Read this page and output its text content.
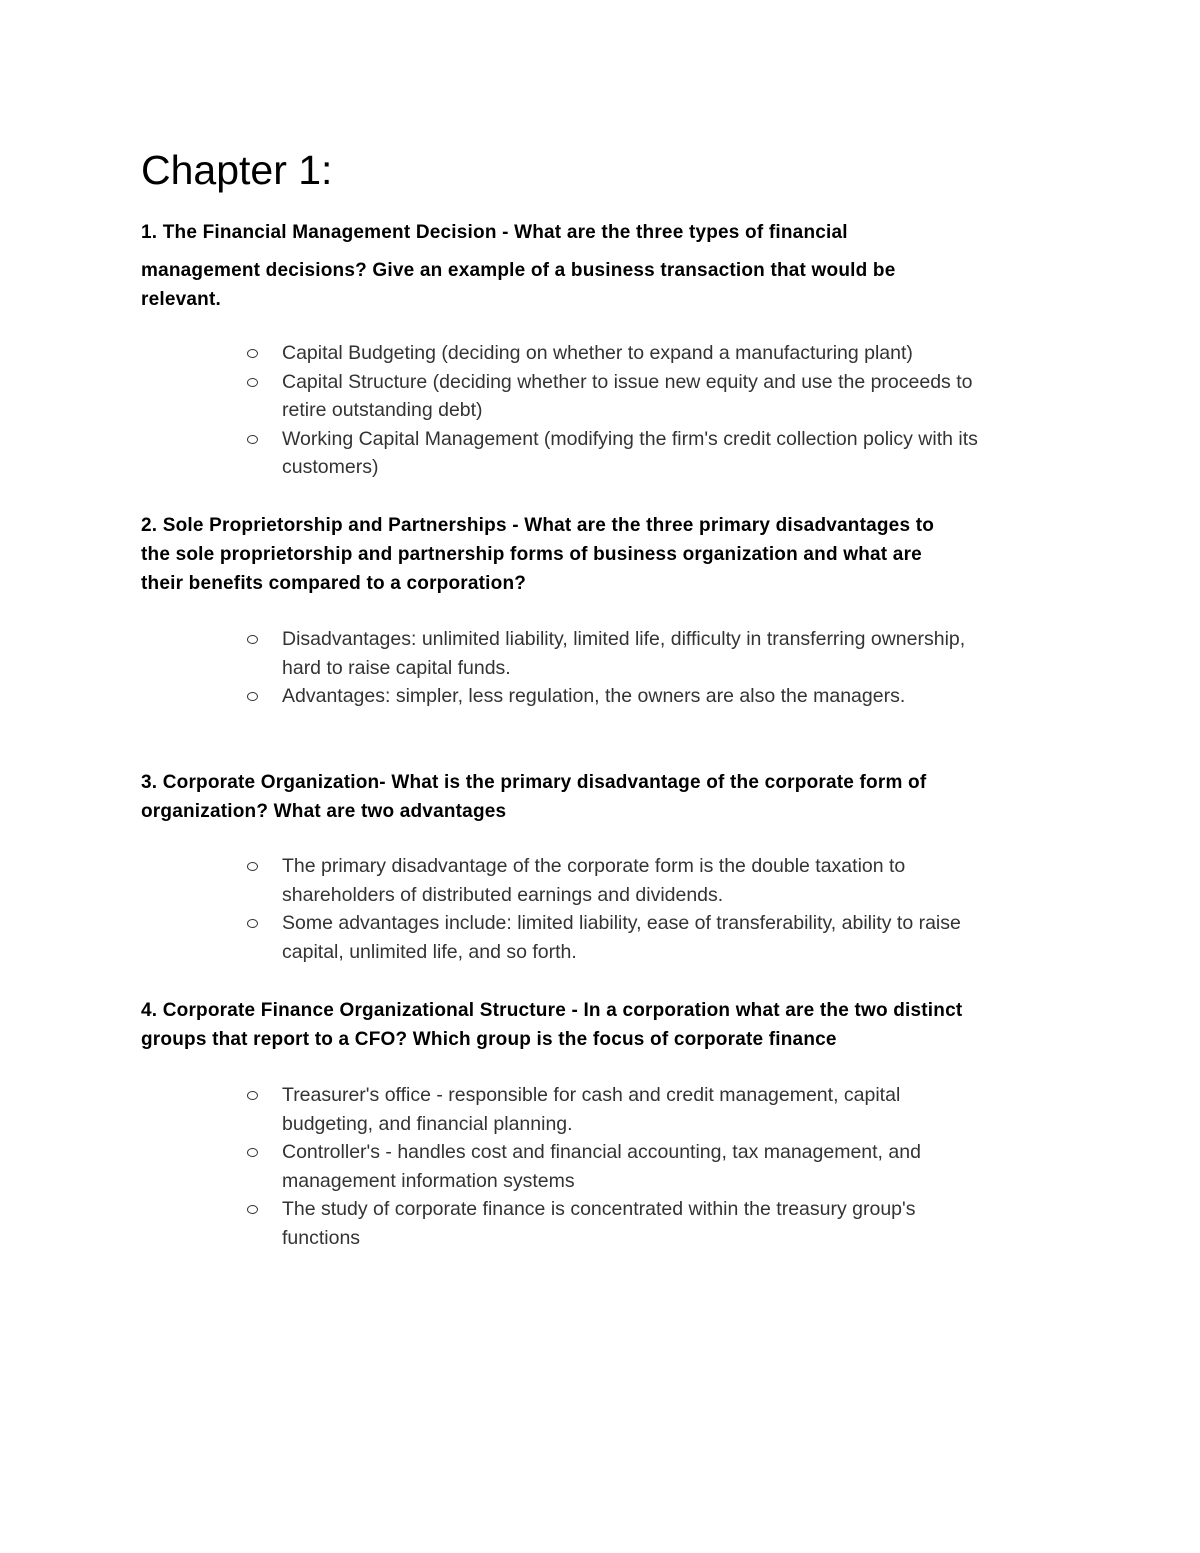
Chapter 1:
1. The Financial Management Decision - What are the three types of financial
management decisions? Give an example of a business transaction that would be
relevant.
Capital Budgeting (deciding on whether to expand a manufacturing plant)
Capital Structure (deciding whether to issue new equity and use the proceeds to
retire outstanding debt)
Working Capital Management (modifying the firm's credit collection policy with its
customers)
2. Sole Proprietorship and Partnerships - What are the three primary disadvantages to
the sole proprietorship and partnership forms of business organization and what are
their benefits compared to a corporation?
Disadvantages: unlimited liability, limited life, difficulty in transferring ownership,
hard to raise capital funds.
Advantages: simpler, less regulation, the owners are also the managers.
3. Corporate Organization- What is the primary disadvantage of the corporate form of
organization? What are two advantages
The primary disadvantage of the corporate form is the double taxation to
shareholders of distributed earnings and dividends.
Some advantages include: limited liability, ease of transferability, ability to raise
capital, unlimited life, and so forth.
4. Corporate Finance Organizational Structure - In a corporation what are the two distinct
groups that report to a CFO? Which group is the focus of corporate finance
Treasurer's office - responsible for cash and credit management, capital
budgeting, and financial planning.
Controller's - handles cost and financial accounting, tax management, and
management information systems
The study of corporate finance is concentrated within the treasury group's
functions
